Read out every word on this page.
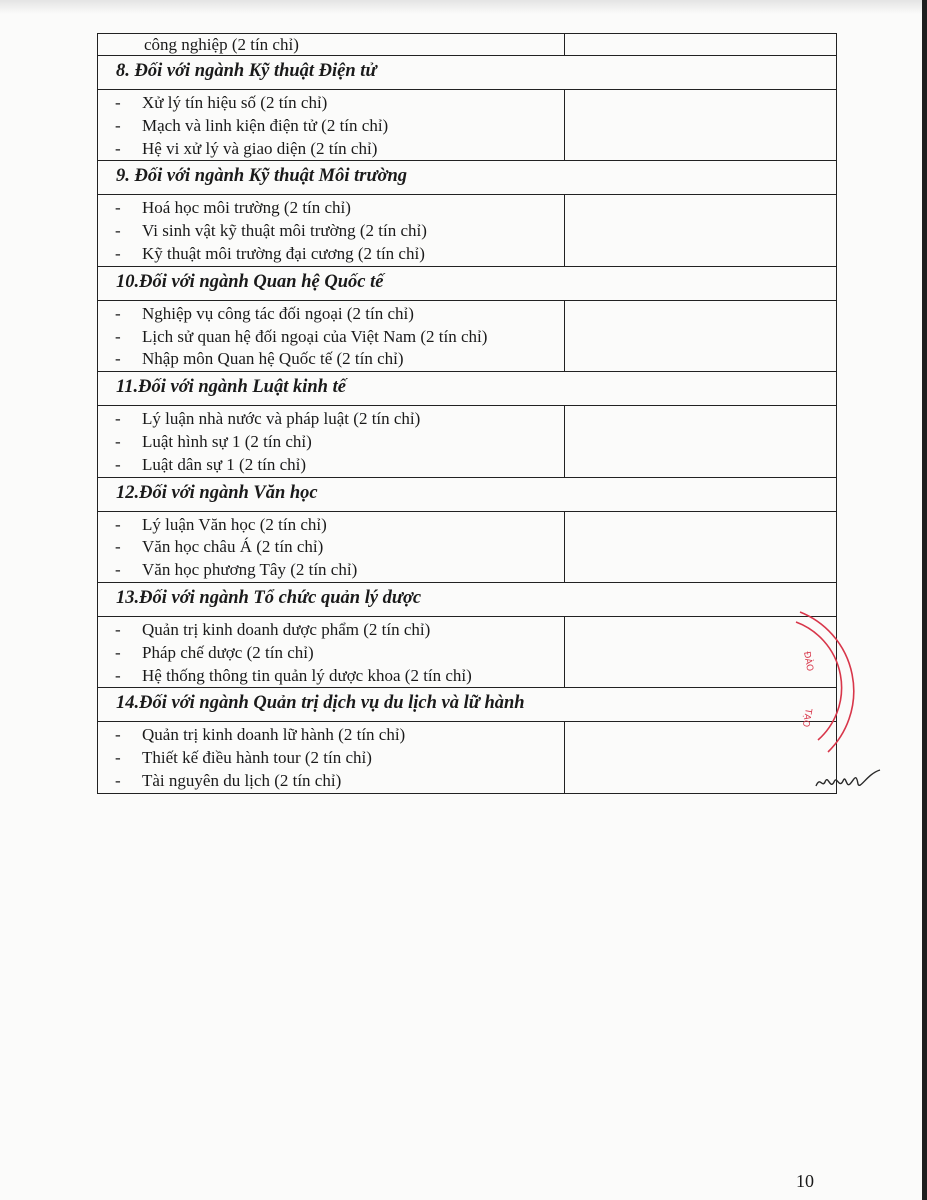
công nghiệp (2 tín chỉ)	
8. Đối với ngành Kỹ thuật Điện tử	

- Xử lý tín hiệu số (2 tín chỉ)
- Mạch và linh kiện điện tử (2 tín chỉ)
- Hệ vi xử lý và giao diện (2 tín chỉ)	

9. Đối với ngành Kỹ thuật Môi trường	

- Hoá học môi trường (2 tín chỉ)
- Vi sinh vật kỹ thuật môi trường (2 tín chỉ)
- Kỹ thuật môi trường đại cương (2 tín chỉ)	

10.Đối với ngành Quan hệ Quốc tế	

- Nghiệp vụ công tác đối ngoại (2 tín chỉ)
- Lịch sử quan hệ đối ngoại của Việt Nam (2 tín chỉ)
- Nhập môn Quan hệ Quốc tế (2 tín chỉ)	

11.Đối với ngành Luật kinh tế	

- Lý luận nhà nước và pháp luật (2 tín chỉ)
- Luật hình sự 1 (2 tín chỉ)
- Luật dân sự 1 (2 tín chỉ)	

12.Đối với ngành Văn học	

- Lý luận Văn học (2 tín chỉ)
- Văn học châu Á (2 tín chỉ)
- Văn học phương Tây (2 tín chỉ)	

13.Đối với ngành Tổ chức quản lý dược	

- Quản trị kinh doanh dược phẩm (2 tín chỉ)
- Pháp chế dược (2 tín chỉ)
- Hệ thống thông tin quản lý dược khoa (2 tín chỉ)	

14.Đối với ngành Quản trị dịch vụ du lịch và lữ hành	

- Quản trị kinh doanh lữ hành (2 tín chỉ)
- Thiết kế điều hành tour (2 tín chỉ)
- Tài nguyên du lịch (2 tín chỉ)	

ĐÀO
TẠO
10
